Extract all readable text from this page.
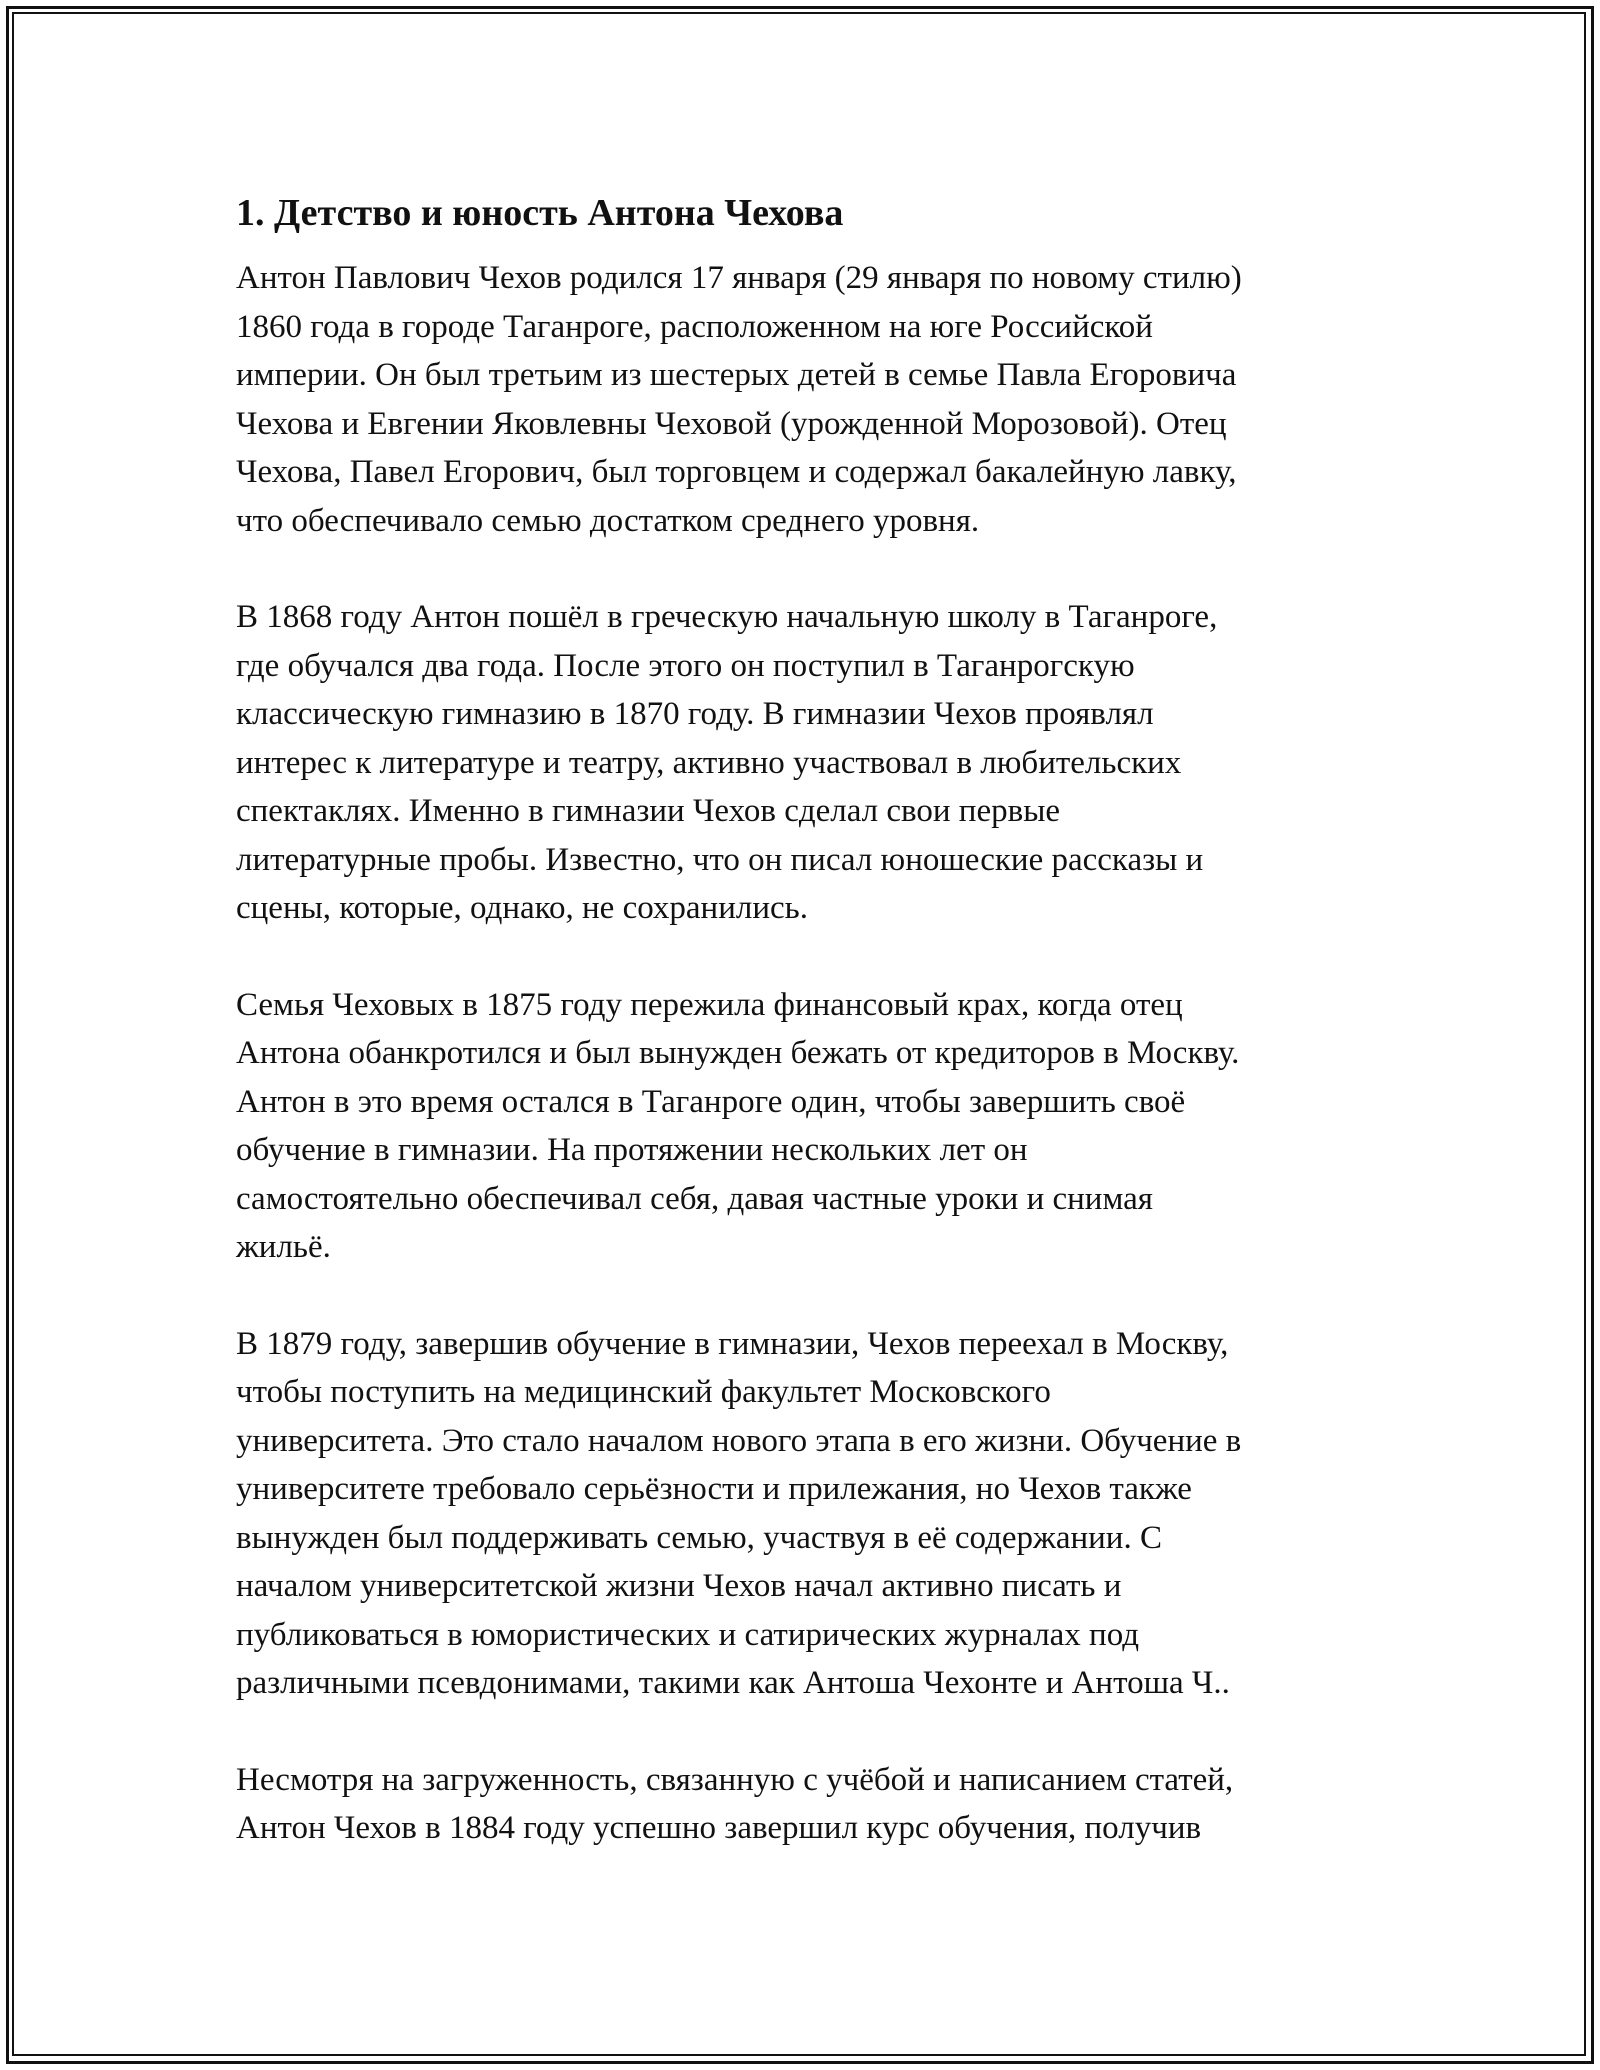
1. Детство и юность Антона Чехова
Антон Павлович Чехов родился 17 января (29 января по новому стилю)
1860 года в городе Таганроге, расположенном на юге Российской
империи. Он был третьим из шестерых детей в семье Павла Егоровича
Чехова и Евгении Яковлевны Чеховой (урожденной Морозовой). Отец
Чехова, Павел Егорович, был торговцем и содержал бакалейную лавку,
что обеспечивало семью достатком среднего уровня.
В 1868 году Антон пошёл в греческую начальную школу в Таганроге,
где обучался два года. После этого он поступил в Таганрогскую
классическую гимназию в 1870 году. В гимназии Чехов проявлял
интерес к литературе и театру, активно участвовал в любительских
спектаклях. Именно в гимназии Чехов сделал свои первые
литературные пробы. Известно, что он писал юношеские рассказы и
сцены, которые, однако, не сохранились.
Семья Чеховых в 1875 году пережила финансовый крах, когда отец
Антона обанкротился и был вынужден бежать от кредиторов в Москву.
Антон в это время остался в Таганроге один, чтобы завершить своё
обучение в гимназии. На протяжении нескольких лет он
самостоятельно обеспечивал себя, давая частные уроки и снимая
жильё.
В 1879 году, завершив обучение в гимназии, Чехов переехал в Москву,
чтобы поступить на медицинский факультет Московского
университета. Это стало началом нового этапа в его жизни. Обучение в
университете требовало серьёзности и прилежания, но Чехов также
вынужден был поддерживать семью, участвуя в её содержании. С
началом университетской жизни Чехов начал активно писать и
публиковаться в юмористических и сатирических журналах под
различными псевдонимами, такими как Антоша Чехонте и Антоша Ч..
Несмотря на загруженность, связанную с учёбой и написанием статей,
Антон Чехов в 1884 году успешно завершил курс обучения, получив
